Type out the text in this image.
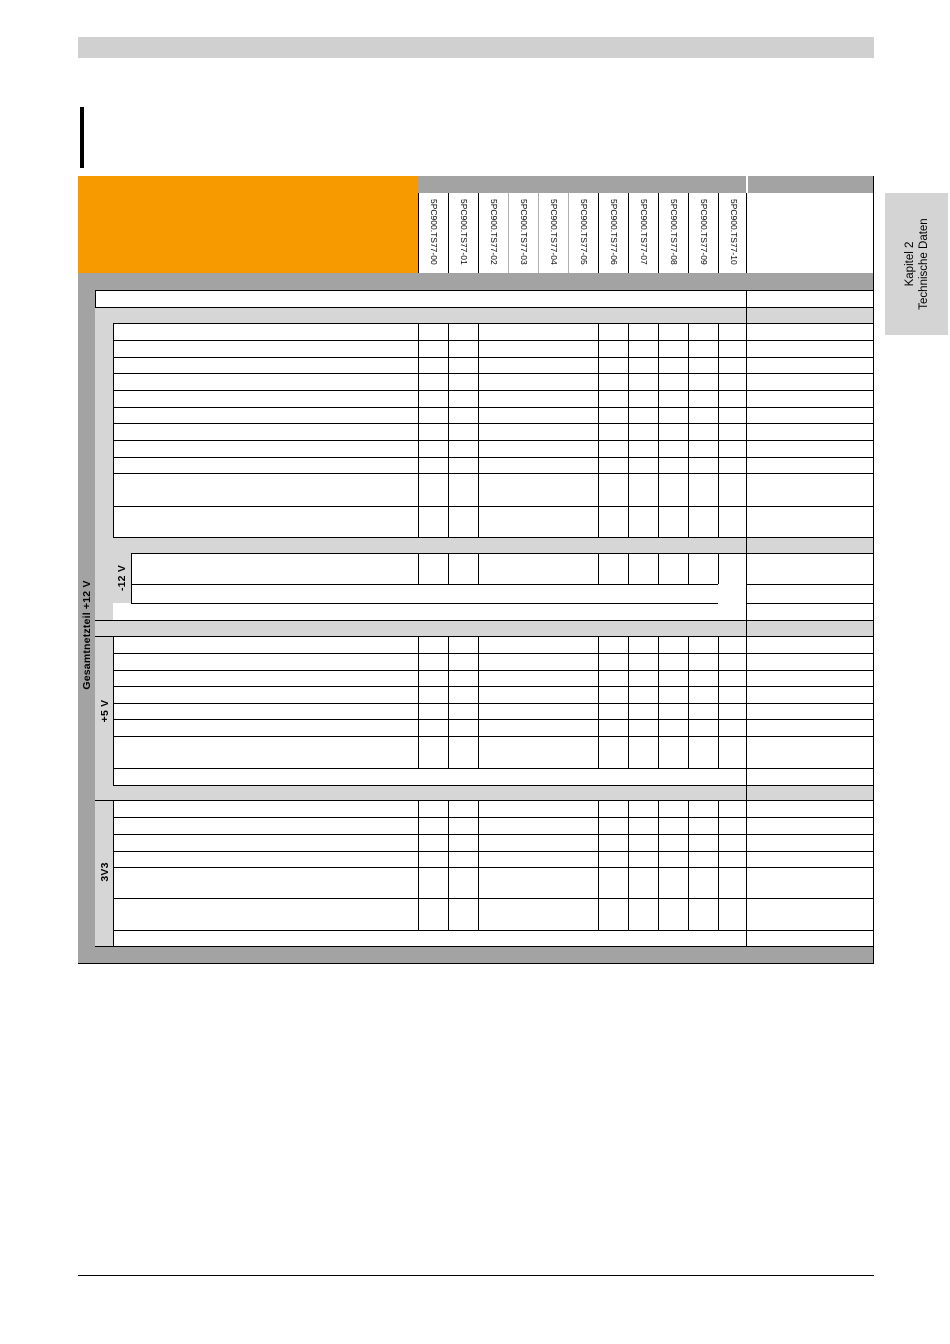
Kapitel 2 Technische Daten
5PC900.TS77-00 5PC900.TS77-01 5PC900.TS77-02 5PC900.TS77-03 5PC900.TS77-04 5PC900.TS77-05 5PC900.TS77-06 5PC900.TS77-07 5PC900.TS77-08 5PC900.TS77-09 5PC900.TS77-10
Gesamtnetzteil +12 V
+5 V
3V3
-12 V
